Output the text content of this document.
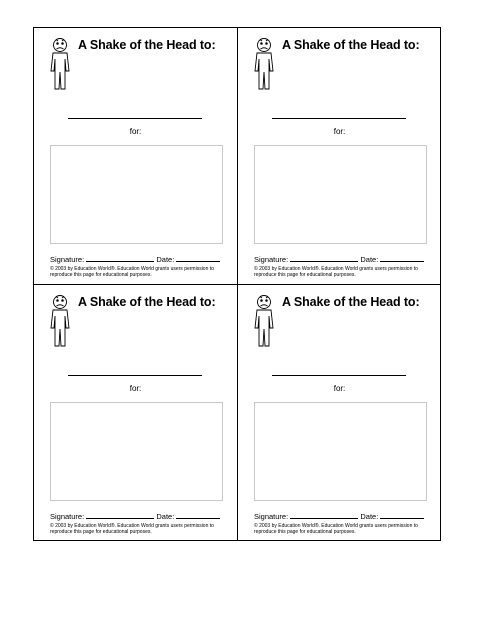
A Shake of the Head to:
for:
Signature:	Date:
© 2003 by Education World®. Education World grants users permission to reproduce this page for educational purposes.
A Shake of the Head to:
for:
Signature:	Date:
© 2003 by Education World®. Education World grants users permission to reproduce this page for educational purposes.
A Shake of the Head to:
for:
Signature:	Date:
© 2003 by Education World®. Education World grants users permission to reproduce this page for educational purposes.
A Shake of the Head to:
for:
Signature:	Date:
© 2003 by Education World®. Education World grants users permission to reproduce this page for educational purposes.
